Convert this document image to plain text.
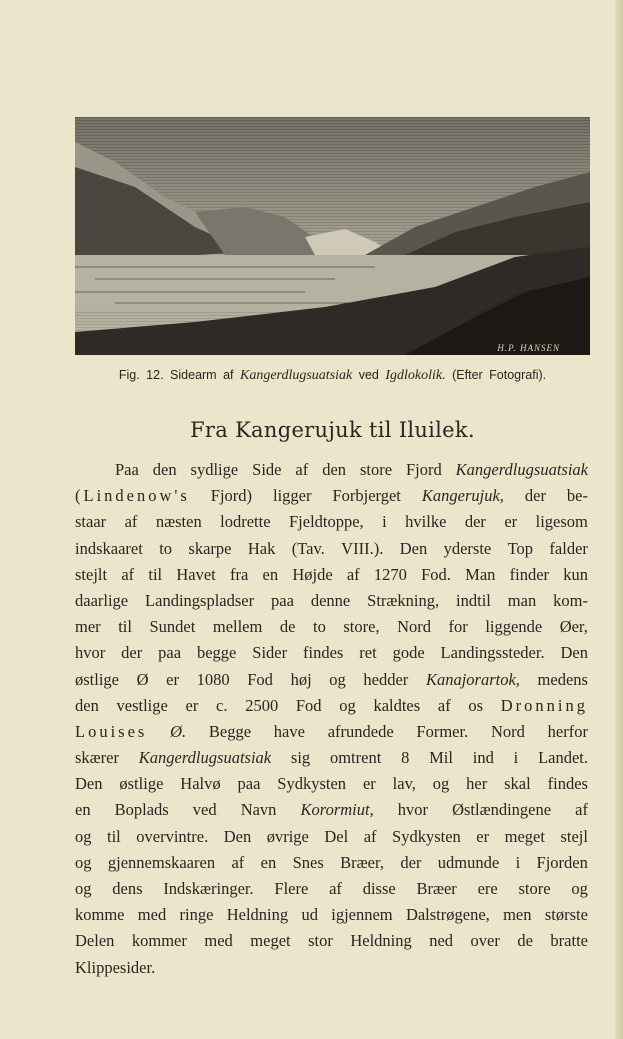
H.P. HANSEN
Fig. 12. Sidearm af Kangerdlugsuatsiak ved Igdlokolik. (Efter Fotografi).
Fra Kangerujuk til Iluilek.
Paa den sydlige Side af den store Fjord Kangerdlugsuatsiak
(Lindenow's Fjord) ligger Forbjerget Kangerujuk, der be-
staar af næsten lodrette Fjeldtoppe, i hvilke der er ligesom
indskaaret to skarpe Hak (Tav. VIII.). Den yderste Top falder
stejlt af til Havet fra en Højde af 1270 Fod. Man finder kun
daarlige Landingspladser paa denne Strækning, indtil man kom-
mer til Sundet mellem de to store, Nord for liggende Øer,
hvor der paa begge Sider findes ret gode Landingssteder. Den
østlige Ø er 1080 Fod høj og hedder Kanajorartok, medens
den vestlige er c. 2500 Fod og kaldtes af os Dronning
Louises Ø. Begge have afrundede Former. Nord herfor
skærer Kangerdlugsuatsiak sig omtrent 8 Mil ind i Landet.
Den østlige Halvø paa Sydkysten er lav, og her skal findes
en Boplads ved Navn Korormiut, hvor Østlændingene af
og til overvintre. Den øvrige Del af Sydkysten er meget stejl
og gjennemskaaren af en Snes Bræer, der udmunde i Fjorden
og dens Indskæringer. Flere af disse Bræer ere store og
komme med ringe Heldning ud igjennem Dalstrøgene, men største
Delen kommer med meget stor Heldning ned over de bratte
Klippesider.
